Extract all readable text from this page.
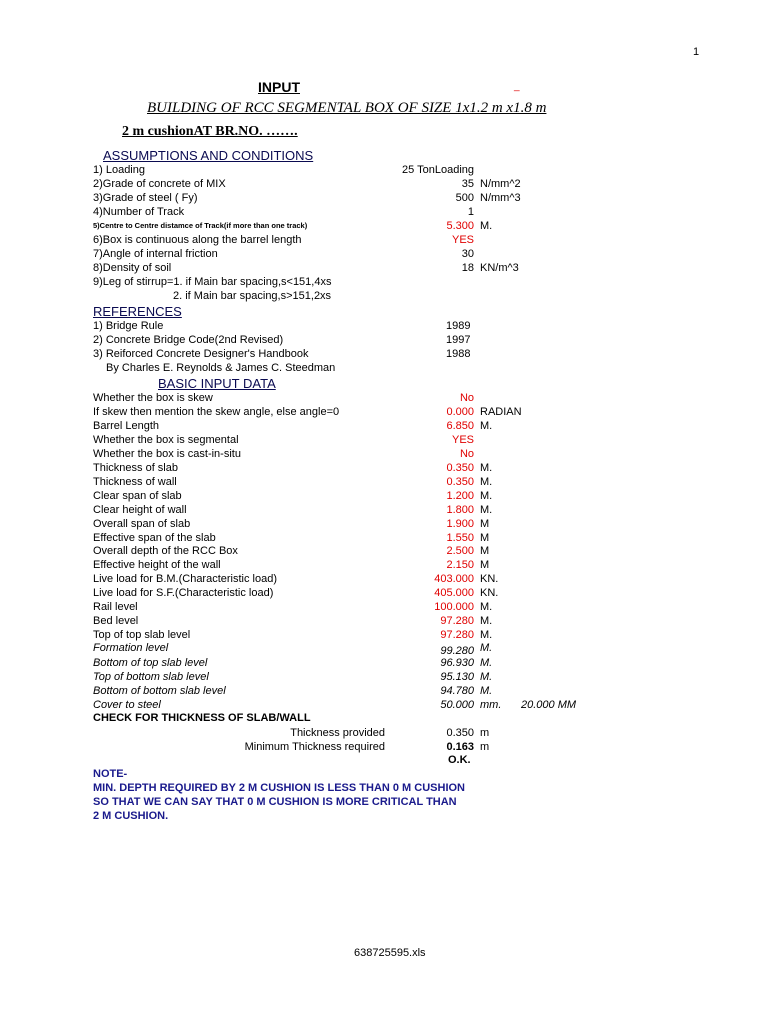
1
INPUT	_
BUILDING OF RCC SEGMENTAL BOX OF SIZE 1x1.2 m x1.8 m
2 m cushionAT BR.NO. …….
ASSUMPTIONS AND CONDITIONS
1) Loading	25 TonLoading
2)Grade of concrete of MIX	35 N/mm^2
3)Grade of steel ( Fy)	500 N/mm^3
4)Number of Track	1
5)Centre to Centre distamce of Track(if more than one track)	5.300 M.
6)Box is continuous along the barrel length	YES
7)Angle of internal friction	30
8)Density of soil	18 KN/m^3
9)Leg of stirrup=1. if Main bar spacing,s<151,4xs
2. if Main bar spacing,s>151,2xs
REFERENCES
1) Bridge Rule	1989
2) Concrete Bridge Code(2nd Revised)	1997
3) Reiforced Concrete Designer's Handbook	1988
By Charles E. Reynolds & James C. Steedman
BASIC INPUT DATA
Whether the box is skew	No
If skew then mention the skew angle, else angle=0	0.000 RADIAN
Barrel Length	6.850 M.
Whether the box is segmental	YES
Whether the box is cast-in-situ	No
Thickness of slab	0.350 M.
Thickness of wall	0.350 M.
Clear span of slab	1.200 M.
Clear height of wall	1.800 M.
Overall span of slab	1.900 M
Effective span of the slab	1.550 M
Overall depth of the RCC Box	2.500 M
Effective height of the wall	2.150 M
Live load for B.M.(Characteristic load)	403.000 KN.
Live load for S.F.(Characteristic load)	405.000 KN.
Rail level	100.000 M.
Bed level	97.280 M.
Top of top slab level	97.280 M.
Formation level	99.280 M.
Bottom of top slab level	96.930 M.
Top of bottom slab level	95.130 M.
Bottom of bottom slab level	94.780 M.
Cover to steel	50.000 mm. 20.000 MM
CHECK FOR THICKNESS OF SLAB/WALL
Thickness provided	0.350 m
Minimum Thickness required	0.163 m
O.K.
NOTE-
MIN. DEPTH REQUIRED BY 2 M CUSHION IS LESS THAN 0 M CUSHION
SO THAT WE CAN SAY THAT 0 M CUSHION IS MORE CRITICAL THAN
2 M CUSHION.
638725595.xls
